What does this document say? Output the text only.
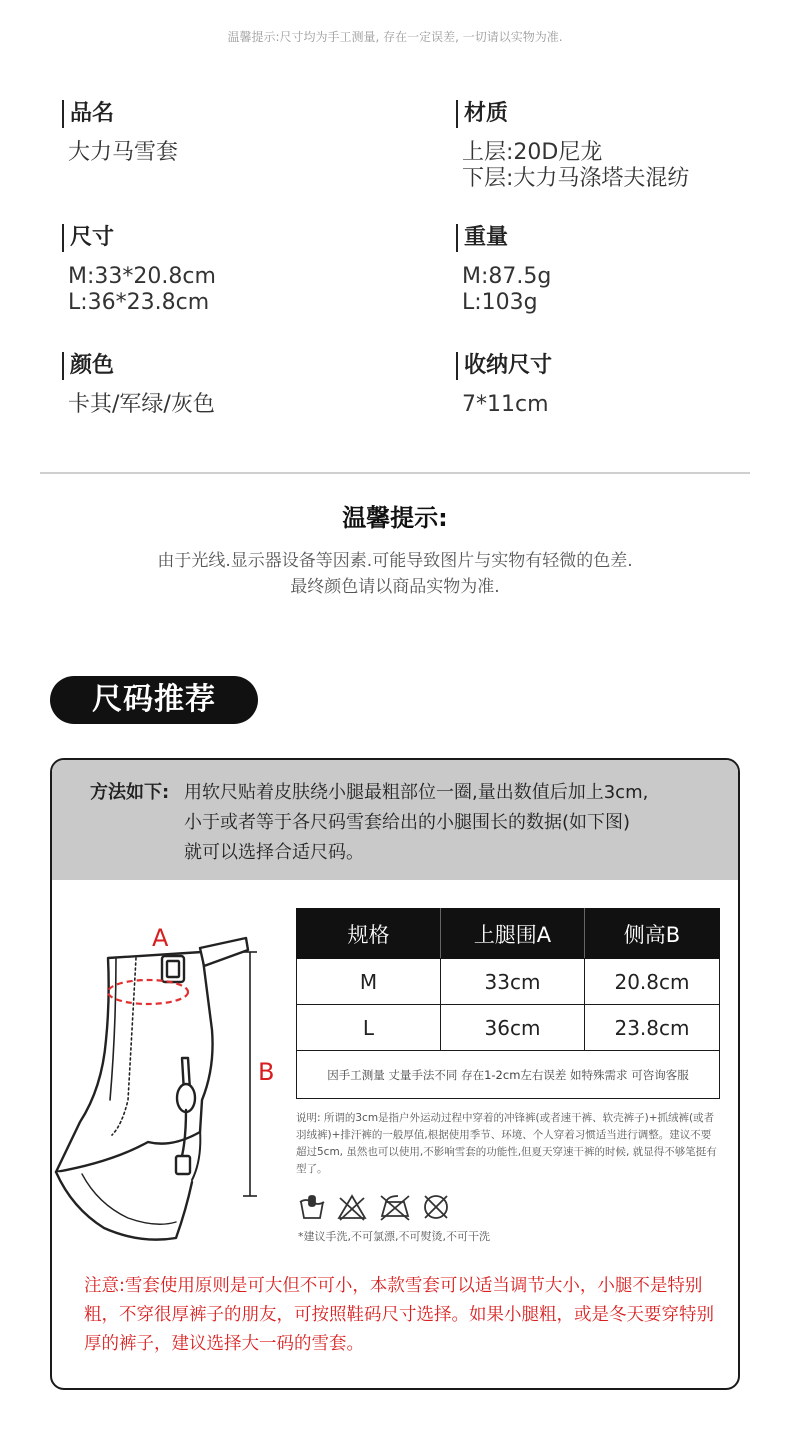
温馨提示:尺寸均为手工测量, 存在一定误差, 一切请以实物为准.
品名
大力马雪套
材质
上层:20D尼龙
下层:大力马涤塔夫混纺
尺寸
M:33*20.8cm
L:36*23.8cm
重量
M:87.5g
L:103g
颜色
卡其/军绿/灰色
收纳尺寸
7*11cm
温馨提示:
由于光线.显示器设备等因素.可能导致图片与实物有轻微的色差.
最终颜色请以商品实物为准.
尺码推荐
方法如下: 用软尺贴着皮肤绕小腿最粗部位一圈,量出数值后加上3cm,
小于或者等于各尺码雪套给出的小腿围长的数据(如下图)
就可以选择合适尺码。
A
B
规格	上腿围A	侧高B
M	33cm	20.8cm
L	36cm	23.8cm
因手工测量 丈量手法不同 存在1-2cm左右误差 如特殊需求 可咨询客服		
说明: 所谓的3cm是指户外运动过程中穿着的冲锋裤(或者速干裤、软壳裤子)+抓绒裤(或者羽绒裤)+排汗裤的一般厚值,根据使用季节、环境、个人穿着习惯适当进行调整。建议不要超过5cm, 虽然也可以使用,不影响雪套的功能性,但夏天穿速干裤的时候, 就显得不够笔挺有型了。
*建议手洗,不可氯漂,不可熨烫,不可干洗
注意:雪套使用原则是可大但不可小，本款雪套可以适当调节大小，小腿不是特别粗，不穿很厚裤子的朋友，可按照鞋码尺寸选择。如果小腿粗，或是冬天要穿特别厚的裤子，建议选择大一码的雪套。
